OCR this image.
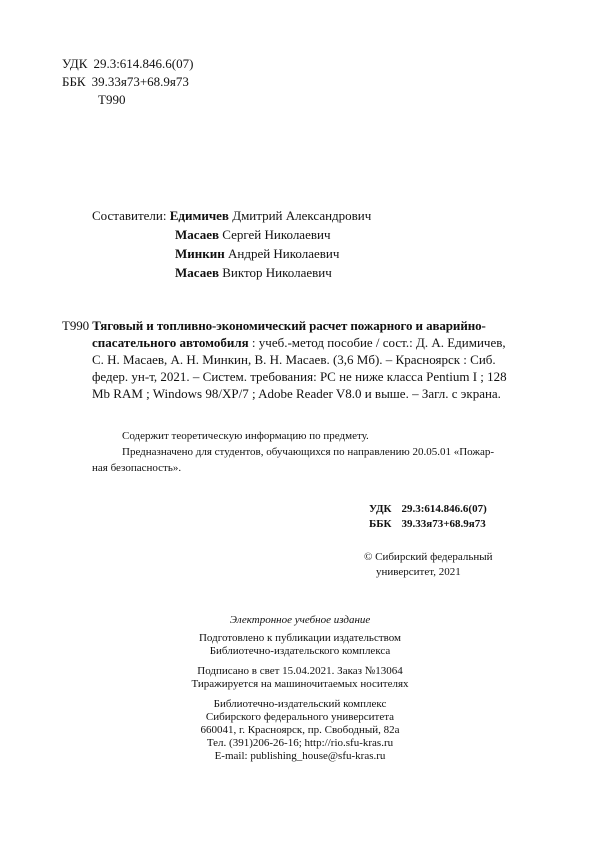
УДК 29.3:614.846.6(07)
ББК 39.33я73+68.9я73
Т990
Составители: Едимичев Дмитрий Александрович
Масаев Сергей Николаевич
Минкин Андрей Николаевич
Масаев Виктор Николаевич
Т990 Тяговый и топливно-экономический расчет пожарного и аварийно-
спасательного автомобиля : учеб.-метод пособие / сост.: Д. А. Едимичев,
С. Н. Масаев, А. Н. Минкин, В. Н. Масаев. (3,6 Мб). – Красноярск : Сиб.
федер. ун-т, 2021. – Систем. требования: PC не ниже класса Pentium I ; 128
Mb RAM ; Windows 98/XP/7 ; Adobe Reader V8.0 и выше. – Загл. с экрана.
Содержит теоретическую информацию по предмету.
Предназначено для студентов, обучающихся по направлению 20.05.01 «Пожар-
ная безопасность».
УДК 29.3:614.846.6(07)
ББК 39.33я73+68.9я73
© Сибирский федеральный
университет, 2021
Электронное учебное издание
Подготовлено к публикации издательством
Библиотечно-издательского комплекса
Подписано в свет 15.04.2021. Заказ №13064
Тиражируется на машиночитаемых носителях
Библиотечно-издательский комплекс
Сибирского федерального университета
660041, г. Красноярск, пр. Свободный, 82а
Тел. (391)206-26-16; http://rio.sfu-kras.ru
E-mail: publishing_house@sfu-kras.ru
